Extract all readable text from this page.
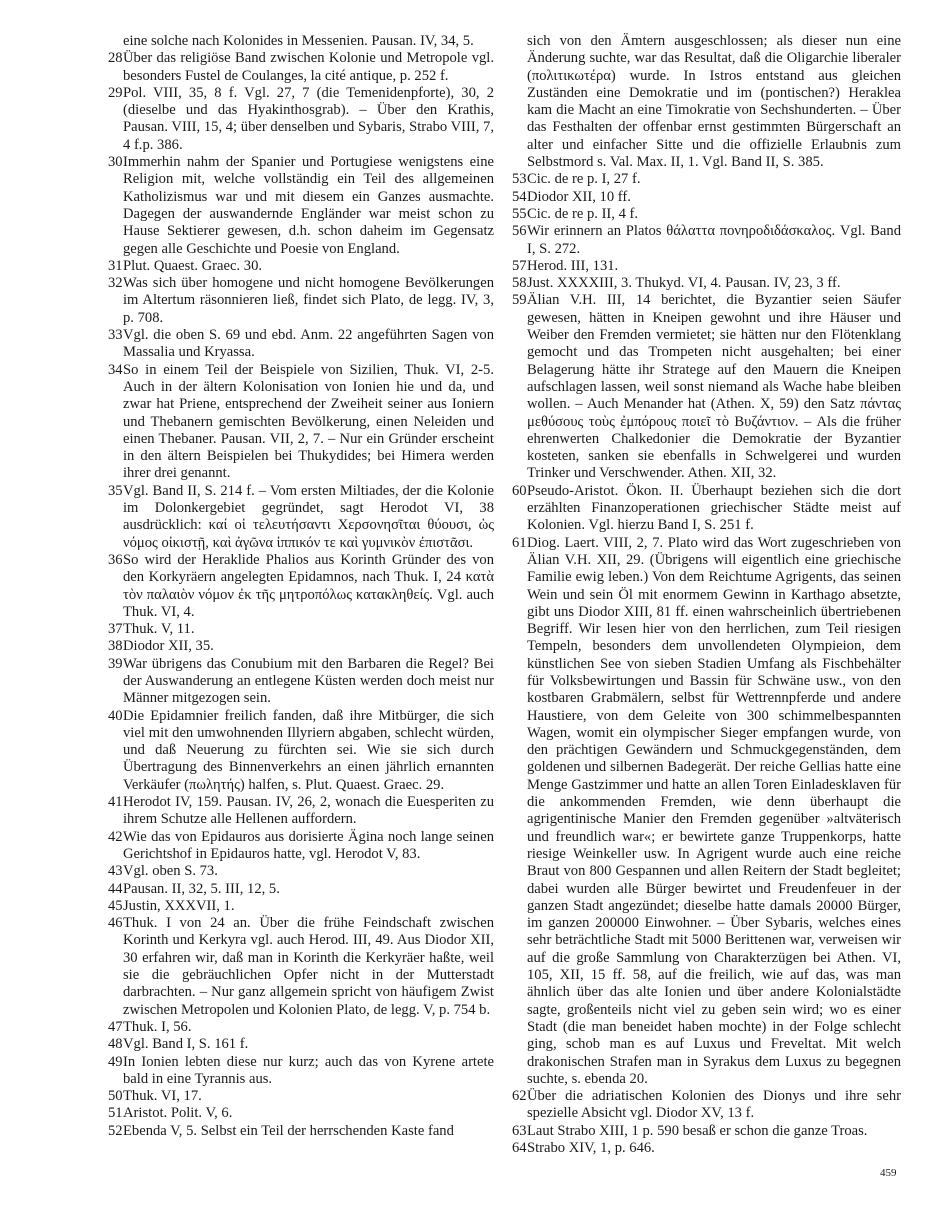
eine solche nach Kolonides in Messenien. Pausan. IV, 34, 5.

28 Über das religiöse Band zwischen Kolonie und Metropole vgl. besonders Fustel de Coulanges, la cité antique, p. 252 f.

29 Pol. VIII, 35, 8 f. Vgl. 27, 7 (die Temenidenpforte), 30, 2 (dieselbe und das Hyakinthosgrab). – Über den Krathis, Pausan. VIII, 15, 4; über denselben und Sybaris, Strabo VIII, 7, 4 f.p. 386.

30 Immerhin nahm der Spanier und Portugiese wenigstens eine Religion mit, welche vollständig ein Teil des allgemeinen Katholizismus war und mit diesem ein Ganzes ausmachte. Dagegen der auswandernde Engländer war meist schon zu Hause Sektierer gewesen, d.h. schon daheim im Gegensatz gegen alle Geschichte und Poesie von England.

31 Plut. Quaest. Graec. 30.

32 Was sich über homogene und nicht homogene Bevölkerungen im Altertum räsonnieren ließ, findet sich Plato, de legg. IV, 3, p. 708.

33 Vgl. die oben S. 69 und ebd. Anm. 22 angeführten Sagen von Massalia und Kryassa.

34 So in einem Teil der Beispiele von Sizilien, Thuk. VI, 2-5. Auch in der ältern Kolonisation von Ionien hie und da, und zwar hat Priene, entsprechend der Zweiheit seiner aus Ioniern und Thebanern gemischten Bevölkerung, einen Neleiden und einen Thebaner. Pausan. VII, 2, 7. – Nur ein Gründer erscheint in den ältern Beispielen bei Thukydides; bei Himera werden ihrer drei genannt.

35 Vgl. Band II, S. 214 f. – Vom ersten Miltiades, der die Kolonie im Dolonkergebiet gegründet, sagt Herodot VI, 38 ausdrücklich: καί οἱ τελευτήσαντι Χερσονησῖται θύουσι, ὡς νόμος οἰκιστῇ, καὶ ἀγῶνα ἱππικόν τε καὶ γυμνικὸν ἐπιστᾶσι.

36 So wird der Heraklide Phalios aus Korinth Gründer des von den Korkyräern angelegten Epidamnos, nach Thuk. I, 24 κατὰ τὸν παλαιὸν νόμον ἐκ τῆς μητροπόλως κατακληθείς. Vgl. auch Thuk. VI, 4.

37 Thuk. V, 11.

38 Diodor XII, 35.

39 War übrigens das Conubium mit den Barbaren die Regel? Bei der Auswanderung an entlegene Küsten werden doch meist nur Männer mitgezogen sein.

40 Die Epidamnier freilich fanden, daß ihre Mitbürger, die sich viel mit den umwohnenden Illyriern abgaben, schlecht würden, und daß Neuerung zu fürchten sei. Wie sie sich durch Übertragung des Binnenverkehrs an einen jährlich ernannten Verkäufer (πωλητής) halfen, s. Plut. Quaest. Graec. 29.

41 Herodot IV, 159. Pausan. IV, 26, 2, wonach die Euesperiten zu ihrem Schutze alle Hellenen auffordern.

42 Wie das von Epidauros aus dorisierte Ägina noch lange seinen Gerichtshof in Epidauros hatte, vgl. Herodot V, 83.

43 Vgl. oben S. 73.

44 Pausan. II, 32, 5. III, 12, 5.

45 Justin, XXXVII, 1.

46 Thuk. I von 24 an. Über die frühe Feindschaft zwischen Korinth und Kerkyra vgl. auch Herod. III, 49. Aus Diodor XII, 30 erfahren wir, daß man in Korinth die Kerkyräer haßte, weil sie die gebräuchlichen Opfer nicht in der Mutterstadt darbrachten. – Nur ganz allgemein spricht von häufigem Zwist zwischen Metropolen und Kolonien Plato, de legg. V, p. 754 b.

47 Thuk. I, 56.

48 Vgl. Band I, S. 161 f.

49 In Ionien lebten diese nur kurz; auch das von Kyrene artete bald in eine Tyrannis aus.

50 Thuk. VI, 17.

51 Aristot. Polit. V, 6.

52 Ebenda V, 5. Selbst ein Teil der herrschenden Kaste fand

sich von den Ämtern ausgeschlossen; als dieser nun eine Änderung suchte, war das Resultat, daß die Oligarchie liberaler (πολιτικωτέρα) wurde. In Istros entstand aus gleichen Zuständen eine Demokratie und im (pontischen?) Heraklea kam die Macht an eine Timokratie von Sechshunderten. – Über das Festhalten der offenbar ernst gestimmten Bürgerschaft an alter und einfacher Sitte und die offizielle Erlaubnis zum Selbstmord s. Val. Max. II, 1. Vgl. Band II, S. 385.

53 Cic. de re p. I, 27 f.

54 Diodor XII, 10 ff.

55 Cic. de re p. II, 4 f.

56 Wir erinnern an Platos θάλαττα πονηροδιδάσκαλος. Vgl. Band I, S. 272.

57 Herod. III, 131.

58 Just. XXXXIII, 3. Thukyd. VI, 4. Pausan. IV, 23, 3 ff.

59 Älian V.H. III, 14 berichtet, die Byzantier seien Säufer gewesen, hätten in Kneipen gewohnt und ihre Häuser und Weiber den Fremden vermietet; sie hätten nur den Flötenklang gemocht und das Trompeten nicht ausgehalten; bei einer Belagerung hätte ihr Stratege auf den Mauern die Kneipen aufschlagen lassen, weil sonst niemand als Wache habe bleiben wollen. – Auch Menander hat (Athen. X, 59) den Satz πάντας μεθύσους τοὺς ἐμπόρους ποιεῖ τὸ Βυζάντιον. – Als die früher ehrenwerten Chalkedonier die Demokratie der Byzantier kosteten, sanken sie ebenfalls in Schwelgerei und wurden Trinker und Verschwender. Athen. XII, 32.

60 Pseudo-Aristot. Ökon. II. Überhaupt beziehen sich die dort erzählten Finanzoperationen griechischer Städte meist auf Kolonien. Vgl. hierzu Band I, S. 251 f.

61 Diog. Laert. VIII, 2, 7. Plato wird das Wort zugeschrieben von Älian V.H. XII, 29. (Übrigens will eigentlich eine griechische Familie ewig leben.) Von dem Reichtume Agrigents, das seinen Wein und sein Öl mit enormem Gewinn in Karthago absetzte, gibt uns Diodor XIII, 81 ff. einen wahrscheinlich übertriebenen Begriff. Wir lesen hier von den herrlichen, zum Teil riesigen Tempeln, besonders dem unvollendeten Olympieion, dem künstlichen See von sieben Stadien Umfang als Fischbehälter für Volksbewirtungen und Bassin für Schwäne usw., von den kostbaren Grabmälern, selbst für Wettrennpferde und andere Haustiere, von dem Geleite von 300 schimmelbespannten Wagen, womit ein olympischer Sieger empfangen wurde, von den prächtigen Gewändern und Schmuckgegenständen, dem goldenen und silbernen Badegerät. Der reiche Gellias hatte eine Menge Gastzimmer und hatte an allen Toren Einladesklaven für die ankommenden Fremden, wie denn überhaupt die agrigentinische Manier den Fremden gegenüber »altväterisch und freundlich war«; er bewirtete ganze Truppenkorps, hatte riesige Weinkeller usw. In Agrigent wurde auch eine reiche Braut von 800 Gespannen und allen Reitern der Stadt begleitet; dabei wurden alle Bürger bewirtet und Freudenfeuer in der ganzen Stadt angezündet; dieselbe hatte damals 20000 Bürger, im ganzen 200000 Einwohner. – Über Sybaris, welches eines sehr beträchtliche Stadt mit 5000 Berittenen war, verweisen wir auf die große Sammlung von Charakterzügen bei Athen. VI, 105, XII, 15 ff. 58, auf die freilich, wie auf das, was man ähnlich über das alte Ionien und über andere Kolonialstädte sagte, großenteils nicht viel zu geben sein wird; wo es einer Stadt (die man beneidet haben mochte) in der Folge schlecht ging, schob man es auf Luxus und Freveltat. Mit welch drakonischen Strafen man in Syrakus dem Luxus zu begegnen suchte, s. ebenda 20.

62 Über die adriatischen Kolonien des Dionys und ihre sehr spezielle Absicht vgl. Diodor XV, 13 f.

63 Laut Strabo XIII, 1 p. 590 besaß er schon die ganze Troas.

64 Strabo XIV, 1, p. 646.

459
